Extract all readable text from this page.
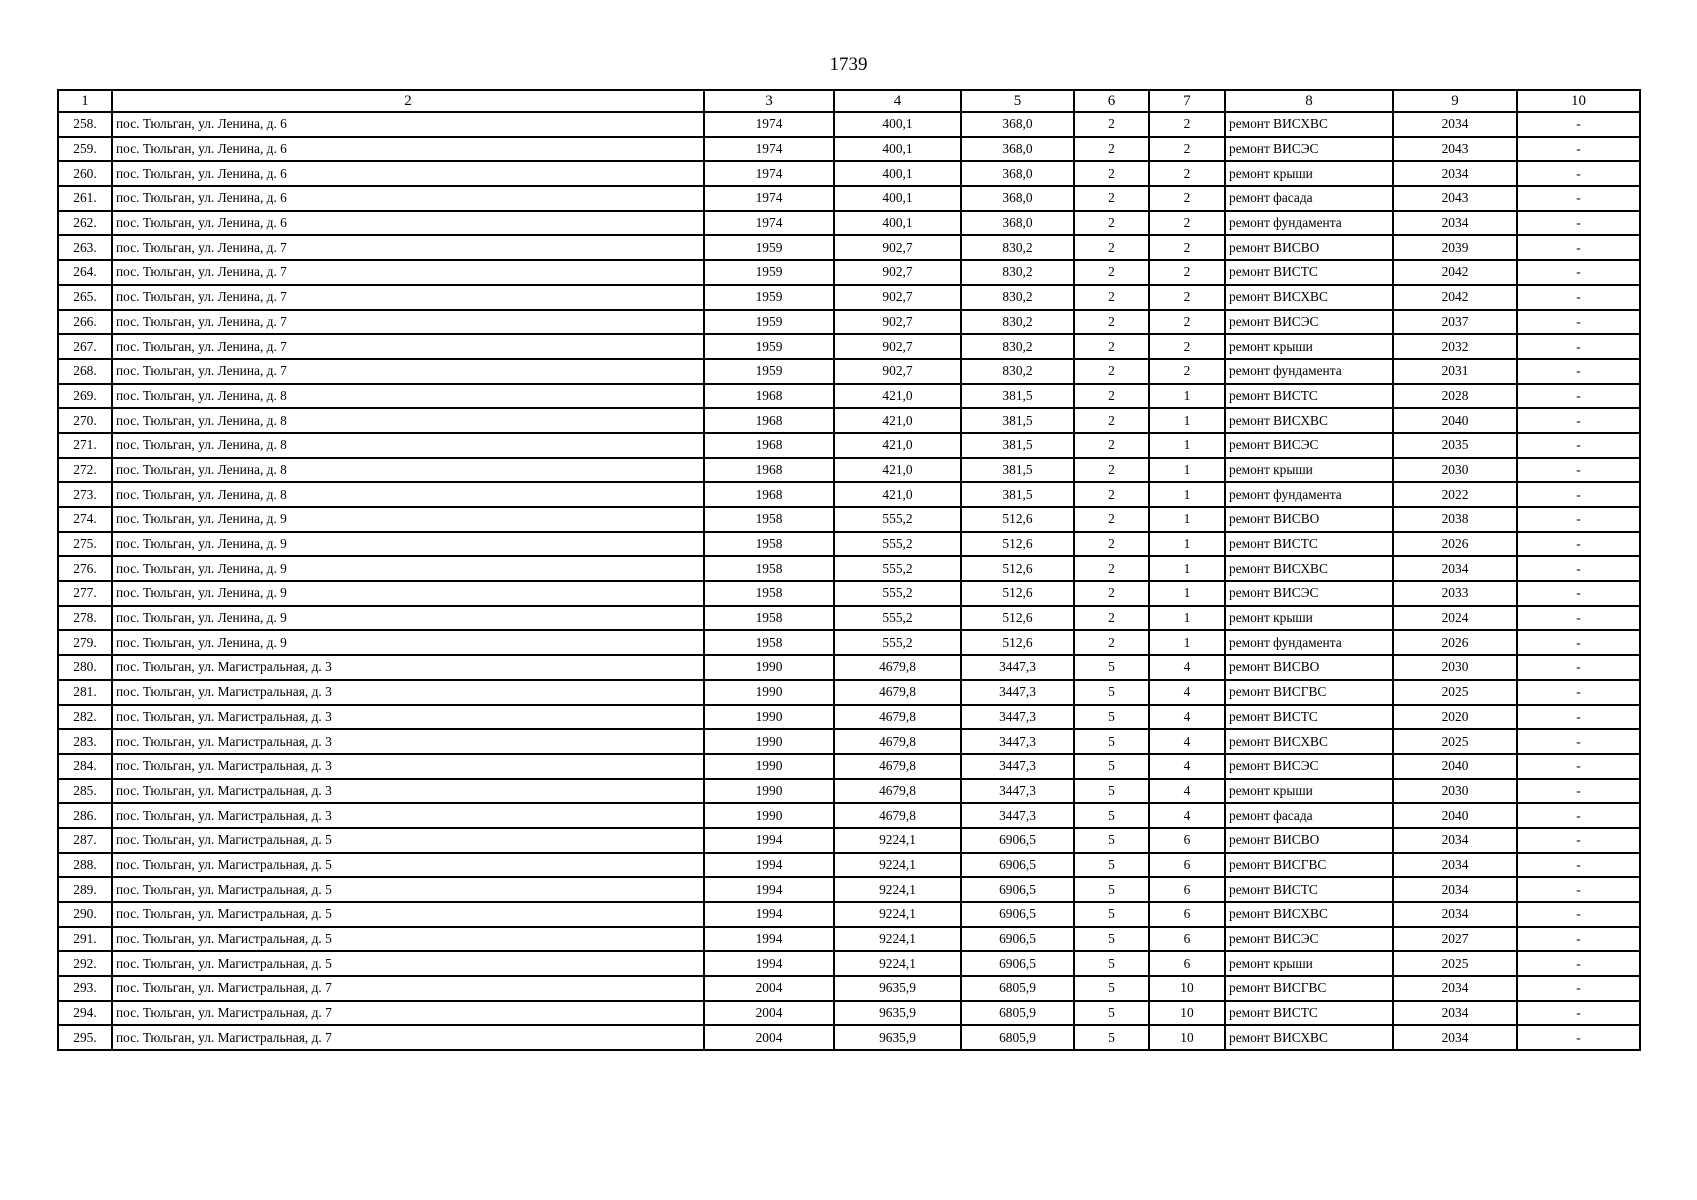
1739
1	2	3	4	5	6	7	8	9	10
258.	пос. Тюльган, ул. Ленина, д. 6	1974	400,1	368,0	2	2	ремонт ВИСХВС	2034	-
259.	пос. Тюльган, ул. Ленина, д. 6	1974	400,1	368,0	2	2	ремонт ВИСЭС	2043	-
260.	пос. Тюльган, ул. Ленина, д. 6	1974	400,1	368,0	2	2	ремонт крыши	2034	-
261.	пос. Тюльган, ул. Ленина, д. 6	1974	400,1	368,0	2	2	ремонт фасада	2043	-
262.	пос. Тюльган, ул. Ленина, д. 6	1974	400,1	368,0	2	2	ремонт фундамента	2034	-
263.	пос. Тюльган, ул. Ленина, д. 7	1959	902,7	830,2	2	2	ремонт ВИСВО	2039	-
264.	пос. Тюльган, ул. Ленина, д. 7	1959	902,7	830,2	2	2	ремонт ВИСТС	2042	-
265.	пос. Тюльган, ул. Ленина, д. 7	1959	902,7	830,2	2	2	ремонт ВИСХВС	2042	-
266.	пос. Тюльган, ул. Ленина, д. 7	1959	902,7	830,2	2	2	ремонт ВИСЭС	2037	-
267.	пос. Тюльган, ул. Ленина, д. 7	1959	902,7	830,2	2	2	ремонт крыши	2032	-
268.	пос. Тюльган, ул. Ленина, д. 7	1959	902,7	830,2	2	2	ремонт фундамента	2031	-
269.	пос. Тюльган, ул. Ленина, д. 8	1968	421,0	381,5	2	1	ремонт ВИСТС	2028	-
270.	пос. Тюльган, ул. Ленина, д. 8	1968	421,0	381,5	2	1	ремонт ВИСХВС	2040	-
271.	пос. Тюльган, ул. Ленина, д. 8	1968	421,0	381,5	2	1	ремонт ВИСЭС	2035	-
272.	пос. Тюльган, ул. Ленина, д. 8	1968	421,0	381,5	2	1	ремонт крыши	2030	-
273.	пос. Тюльган, ул. Ленина, д. 8	1968	421,0	381,5	2	1	ремонт фундамента	2022	-
274.	пос. Тюльган, ул. Ленина, д. 9	1958	555,2	512,6	2	1	ремонт ВИСВО	2038	-
275.	пос. Тюльган, ул. Ленина, д. 9	1958	555,2	512,6	2	1	ремонт ВИСТС	2026	-
276.	пос. Тюльган, ул. Ленина, д. 9	1958	555,2	512,6	2	1	ремонт ВИСХВС	2034	-
277.	пос. Тюльган, ул. Ленина, д. 9	1958	555,2	512,6	2	1	ремонт ВИСЭС	2033	-
278.	пос. Тюльган, ул. Ленина, д. 9	1958	555,2	512,6	2	1	ремонт крыши	2024	-
279.	пос. Тюльган, ул. Ленина, д. 9	1958	555,2	512,6	2	1	ремонт фундамента	2026	-
280.	пос. Тюльган, ул. Магистральная, д. 3	1990	4679,8	3447,3	5	4	ремонт ВИСВО	2030	-
281.	пос. Тюльган, ул. Магистральная, д. 3	1990	4679,8	3447,3	5	4	ремонт ВИСГВС	2025	-
282.	пос. Тюльган, ул. Магистральная, д. 3	1990	4679,8	3447,3	5	4	ремонт ВИСТС	2020	-
283.	пос. Тюльган, ул. Магистральная, д. 3	1990	4679,8	3447,3	5	4	ремонт ВИСХВС	2025	-
284.	пос. Тюльган, ул. Магистральная, д. 3	1990	4679,8	3447,3	5	4	ремонт ВИСЭС	2040	-
285.	пос. Тюльган, ул. Магистральная, д. 3	1990	4679,8	3447,3	5	4	ремонт крыши	2030	-
286.	пос. Тюльган, ул. Магистральная, д. 3	1990	4679,8	3447,3	5	4	ремонт фасада	2040	-
287.	пос. Тюльган, ул. Магистральная, д. 5	1994	9224,1	6906,5	5	6	ремонт ВИСВО	2034	-
288.	пос. Тюльган, ул. Магистральная, д. 5	1994	9224,1	6906,5	5	6	ремонт ВИСГВС	2034	-
289.	пос. Тюльган, ул. Магистральная, д. 5	1994	9224,1	6906,5	5	6	ремонт ВИСТС	2034	-
290.	пос. Тюльган, ул. Магистральная, д. 5	1994	9224,1	6906,5	5	6	ремонт ВИСХВС	2034	-
291.	пос. Тюльган, ул. Магистральная, д. 5	1994	9224,1	6906,5	5	6	ремонт ВИСЭС	2027	-
292.	пос. Тюльган, ул. Магистральная, д. 5	1994	9224,1	6906,5	5	6	ремонт крыши	2025	-
293.	пос. Тюльган, ул. Магистральная, д. 7	2004	9635,9	6805,9	5	10	ремонт ВИСГВС	2034	-
294.	пос. Тюльган, ул. Магистральная, д. 7	2004	9635,9	6805,9	5	10	ремонт ВИСТС	2034	-
295.	пос. Тюльган, ул. Магистральная, д. 7	2004	9635,9	6805,9	5	10	ремонт ВИСХВС	2034	-
